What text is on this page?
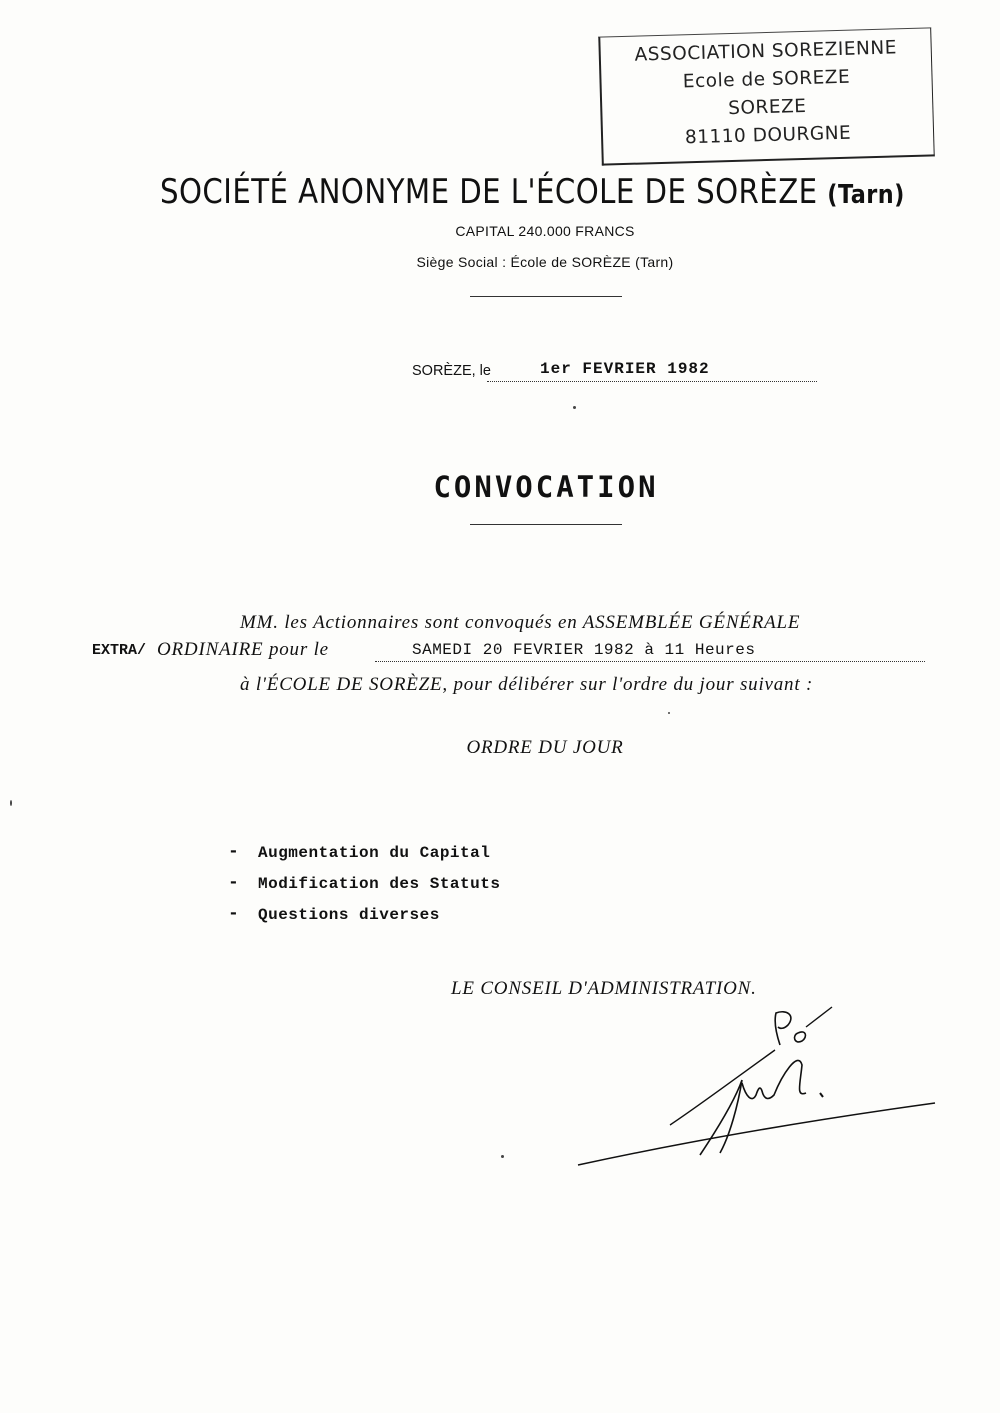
ASSOCIATION SOREZIENNE
Ecole de SOREZE
SOREZE
81110 DOURGNE
SOCIÉTÉ ANONYME DE L'ÉCOLE DE SORÈZE (Tarn)
CAPITAL 240.000 FRANCS
Siège Social : École de SORÈZE (Tarn)
SORÈZE, le	1er FEVRIER 1982
CONVOCATION
MM. les Actionnaires sont convoqués en ASSEMBLÉE GÉNÉRALE
EXTRA/ ORDINAIRE pour le	SAMEDI 20 FEVRIER 1982 à 11 Heures
à l'ÉCOLE DE SORÈZE, pour délibérer sur l'ordre du jour suivant :
ORDRE DU JOUR
- Augmentation du Capital
- Modification des Statuts
- Questions diverses
LE CONSEIL D'ADMINISTRATION.
